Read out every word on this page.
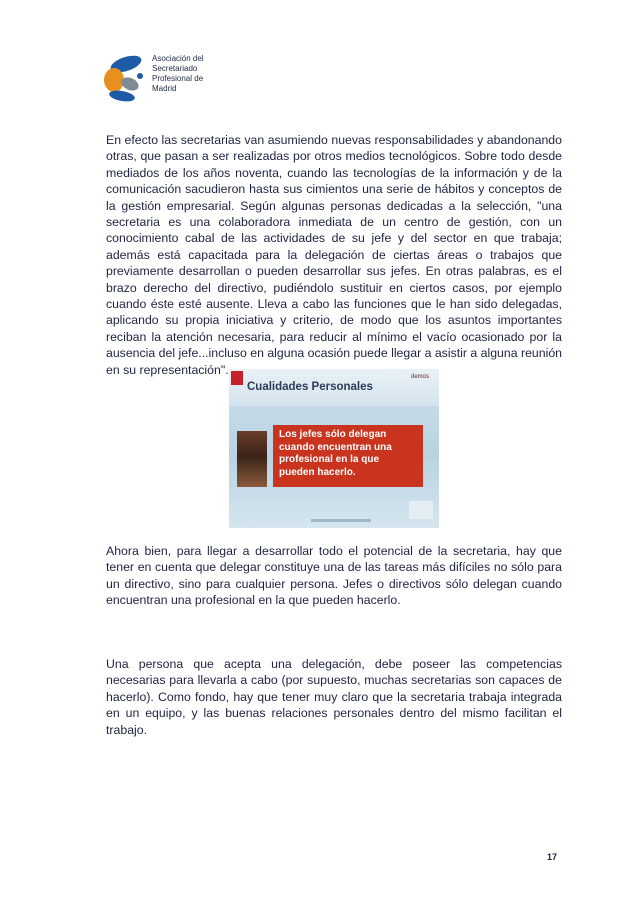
Asociación del
Secretariado
Profesional de
Madrid

En efecto las secretarias van asumiendo nuevas responsabilidades y abandonando otras, que pasan a ser realizadas por otros medios tecnológicos. Sobre todo desde mediados de los años noventa, cuando las tecnologías de la información y de la comunicación sacudieron hasta sus cimientos una serie de hábitos y conceptos de la gestión empresarial. Según algunas personas dedicadas a la selección, "una secretaria es una colaboradora inmediata de un centro de gestión, con un conocimiento cabal de las actividades de su jefe y del sector en que trabaja; además está capacitada para la delegación de ciertas áreas o trabajos que previamente desarrollan o pueden desarrollar sus jefes. En otras palabras, es el brazo derecho del directivo, pudiéndolo sustituir en ciertos casos, por ejemplo cuando éste esté ausente. Lleva a cabo las funciones que le han sido delegadas, aplicando su propia iniciativa y criterio, de modo que los asuntos importantes reciban la atención necesaria, para reducir al mínimo el vacío ocasionado por la ausencia del jefe...incluso en alguna ocasión puede llegar a asistir a alguna reunión en su representación".

Cualidades Personales
demos
Los jefes sólo delegan
cuando encuentran una
profesional en la que
pueden hacerlo.

Ahora bien, para llegar a desarrollar todo el potencial de la secretaria, hay que tener en cuenta que delegar constituye una de las tareas más difíciles no sólo para un directivo, sino para cualquier persona. Jefes o directivos sólo delegan cuando encuentran una profesional en la que pueden hacerlo.

Una persona que acepta una delegación, debe poseer las competencias necesarias para llevarla a cabo (por supuesto, muchas secretarias son capaces de hacerlo). Como fondo, hay que tener muy claro que la secretaria trabaja integrada en un equipo, y las buenas relaciones personales dentro del mismo facilitan el trabajo.

17
